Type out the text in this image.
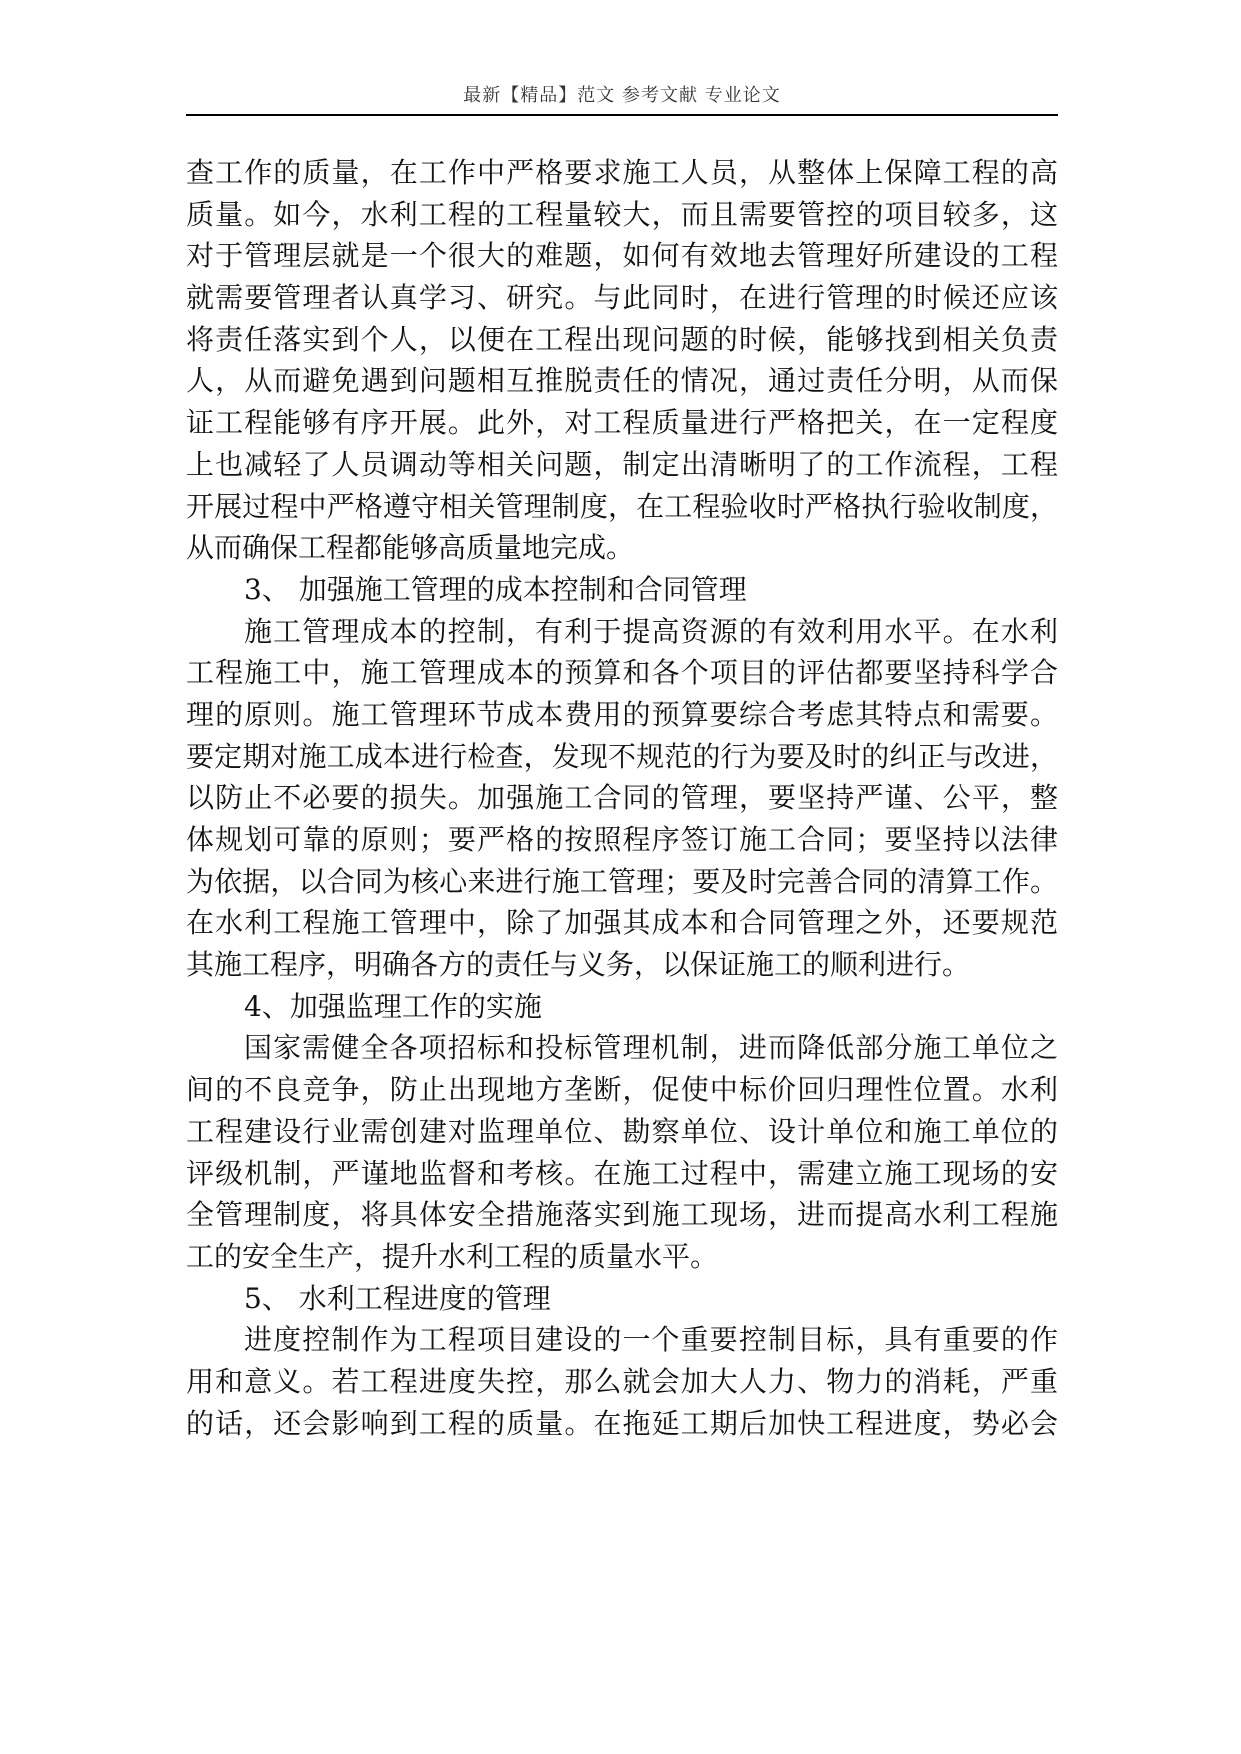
最新【精品】范文 参考文献 专业论文
查工作的质量，在工作中严格要求施工人员，从整体上保障工程的高
质量。如今，水利工程的工程量较大，而且需要管控的项目较多，这
对于管理层就是一个很大的难题，如何有效地去管理好所建设的工程
就需要管理者认真学习、研究。与此同时，在进行管理的时候还应该
将责任落实到个人，以便在工程出现问题的时候，能够找到相关负责
人，从而避免遇到问题相互推脱责任的情况，通过责任分明，从而保
证工程能够有序开展。此外，对工程质量进行严格把关，在一定程度
上也减轻了人员调动等相关问题，制定出清晰明了的工作流程，工程
开展过程中严格遵守相关管理制度，在工程验收时严格执行验收制度，
从而确保工程都能够高质量地完成。
3、 加强施工管理的成本控制和合同管理
施工管理成本的控制，有利于提高资源的有效利用水平。在水利
工程施工中，施工管理成本的预算和各个项目的评估都要坚持科学合
理的原则。施工管理环节成本费用的预算要综合考虑其特点和需要。
要定期对施工成本进行检查，发现不规范的行为要及时的纠正与改进，
以防止不必要的损失。加强施工合同的管理，要坚持严谨、公平，整
体规划可靠的原则；要严格的按照程序签订施工合同；要坚持以法律
为依据，以合同为核心来进行施工管理；要及时完善合同的清算工作。
在水利工程施工管理中，除了加强其成本和合同管理之外，还要规范
其施工程序，明确各方的责任与义务，以保证施工的顺利进行。
4、加强监理工作的实施
国家需健全各项招标和投标管理机制，进而降低部分施工单位之
间的不良竞争，防止出现地方垄断，促使中标价回归理性位置。水利
工程建设行业需创建对监理单位、勘察单位、设计单位和施工单位的
评级机制，严谨地监督和考核。在施工过程中，需建立施工现场的安
全管理制度，将具体安全措施落实到施工现场，进而提高水利工程施
工的安全生产，提升水利工程的质量水平。
5、 水利工程进度的管理
进度控制作为工程项目建设的一个重要控制目标，具有重要的作
用和意义。若工程进度失控，那么就会加大人力、物力的消耗，严重
的话，还会影响到工程的质量。在拖延工期后加快工程进度，势必会
